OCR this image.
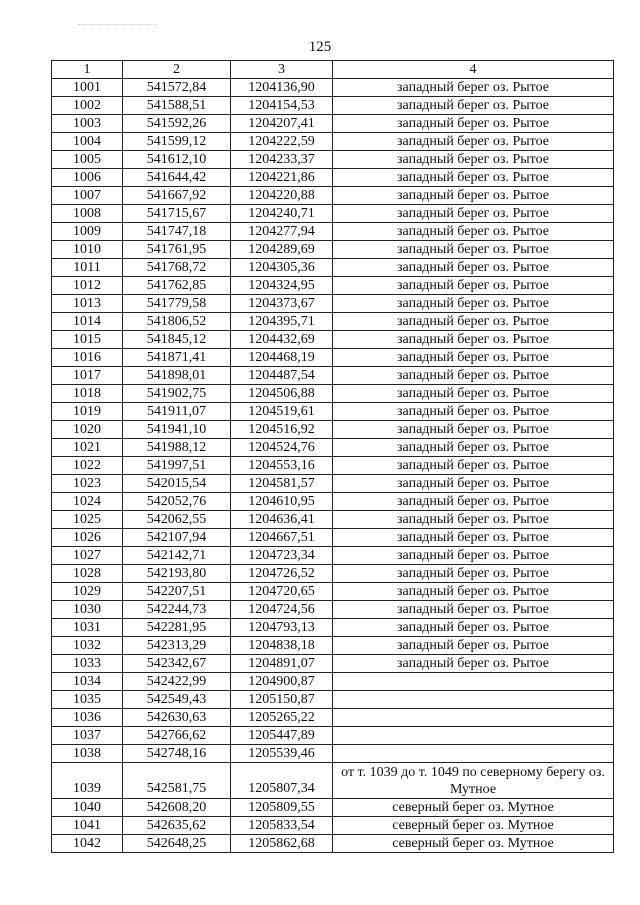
125
1	2	3	4
1001	541572,84	1204136,90	западный берег оз. Рытое
1002	541588,51	1204154,53	западный берег оз. Рытое
1003	541592,26	1204207,41	западный берег оз. Рытое
1004	541599,12	1204222,59	западный берег оз. Рытое
1005	541612,10	1204233,37	западный берег оз. Рытое
1006	541644,42	1204221,86	западный берег оз. Рытое
1007	541667,92	1204220,88	западный берег оз. Рытое
1008	541715,67	1204240,71	западный берег оз. Рытое
1009	541747,18	1204277,94	западный берег оз. Рытое
1010	541761,95	1204289,69	западный берег оз. Рытое
1011	541768,72	1204305,36	западный берег оз. Рытое
1012	541762,85	1204324,95	западный берег оз. Рытое
1013	541779,58	1204373,67	западный берег оз. Рытое
1014	541806,52	1204395,71	западный берег оз. Рытое
1015	541845,12	1204432,69	западный берег оз. Рытое
1016	541871,41	1204468,19	западный берег оз. Рытое
1017	541898,01	1204487,54	западный берег оз. Рытое
1018	541902,75	1204506,88	западный берег оз. Рытое
1019	541911,07	1204519,61	западный берег оз. Рытое
1020	541941,10	1204516,92	западный берег оз. Рытое
1021	541988,12	1204524,76	западный берег оз. Рытое
1022	541997,51	1204553,16	западный берег оз. Рытое
1023	542015,54	1204581,57	западный берег оз. Рытое
1024	542052,76	1204610,95	западный берег оз. Рытое
1025	542062,55	1204636,41	западный берег оз. Рытое
1026	542107,94	1204667,51	западный берег оз. Рытое
1027	542142,71	1204723,34	западный берег оз. Рытое
1028	542193,80	1204726,52	западный берег оз. Рытое
1029	542207,51	1204720,65	западный берег оз. Рытое
1030	542244,73	1204724,56	западный берег оз. Рытое
1031	542281,95	1204793,13	западный берег оз. Рытое
1032	542313,29	1204838,18	западный берег оз. Рытое
1033	542342,67	1204891,07	западный берег оз. Рытое
1034	542422,99	1204900,87	
1035	542549,43	1205150,87	
1036	542630,63	1205265,22	
1037	542766,62	1205447,89	
1038	542748,16	1205539,46	
1039	542581,75	1205807,34	от т. 1039 до т. 1049 по северному берегу оз. Мутное
1040	542608,20	1205809,55	северный берег оз. Мутное
1041	542635,62	1205833,54	северный берег оз. Мутное
1042	542648,25	1205862,68	северный берег оз. Мутное
